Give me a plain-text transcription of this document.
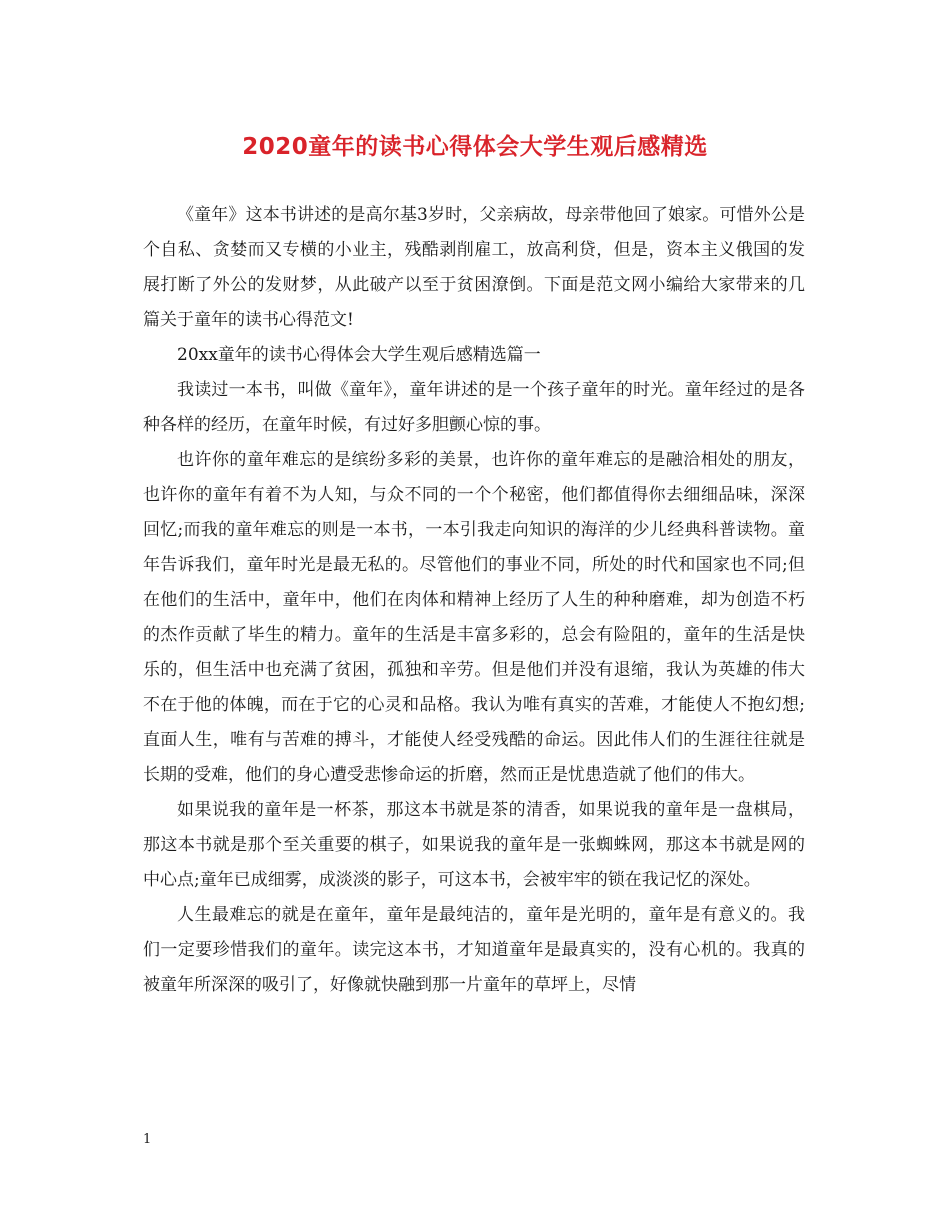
2020童年的读书心得体会大学生观后感精选

《童年》这本书讲述的是高尔基3岁时，父亲病故，母亲带他回了娘家。可惜外公是个自私、贪婪而又专横的小业主，残酷剥削雇工，放高利贷，但是，资本主义俄国的发展打断了外公的发财梦，从此破产以至于贫困潦倒。下面是范文网小编给大家带来的几篇关于童年的读书心得范文!

20xx童年的读书心得体会大学生观后感精选篇一

我读过一本书，叫做《童年》，童年讲述的是一个孩子童年的时光。童年经过的是各种各样的经历，在童年时候，有过好多胆颤心惊的事。

也许你的童年难忘的是缤纷多彩的美景，也许你的童年难忘的是融洽相处的朋友，也许你的童年有着不为人知，与众不同的一个个秘密，他们都值得你去细细品味，深深回忆;而我的童年难忘的则是一本书，一本引我走向知识的海洋的少儿经典科普读物。童年告诉我们，童年时光是最无私的。尽管他们的事业不同，所处的时代和国家也不同;但在他们的生活中，童年中，他们在肉体和精神上经历了人生的种种磨难，却为创造不朽的杰作贡献了毕生的精力。童年的生活是丰富多彩的，总会有险阻的，童年的生活是快乐的，但生活中也充满了贫困，孤独和辛劳。但是他们并没有退缩，我认为英雄的伟大不在于他的体魄，而在于它的心灵和品格。我认为唯有真实的苦难，才能使人不抱幻想;直面人生，唯有与苦难的搏斗，才能使人经受残酷的命运。因此伟人们的生涯往往就是长期的受难，他们的身心遭受悲惨命运的折磨，然而正是忧患造就了他们的伟大。

如果说我的童年是一杯茶，那这本书就是茶的清香，如果说我的童年是一盘棋局，那这本书就是那个至关重要的棋子，如果说我的童年是一张蜘蛛网，那这本书就是网的中心点;童年已成细雾，成淡淡的影子，可这本书，会被牢牢的锁在我记忆的深处。

人生最难忘的就是在童年，童年是最纯洁的，童年是光明的，童年是有意义的。我们一定要珍惜我们的童年。读完这本书，才知道童年是最真实的，没有心机的。我真的被童年所深深的吸引了，好像就快融到那一片童年的草坪上，尽情

1
